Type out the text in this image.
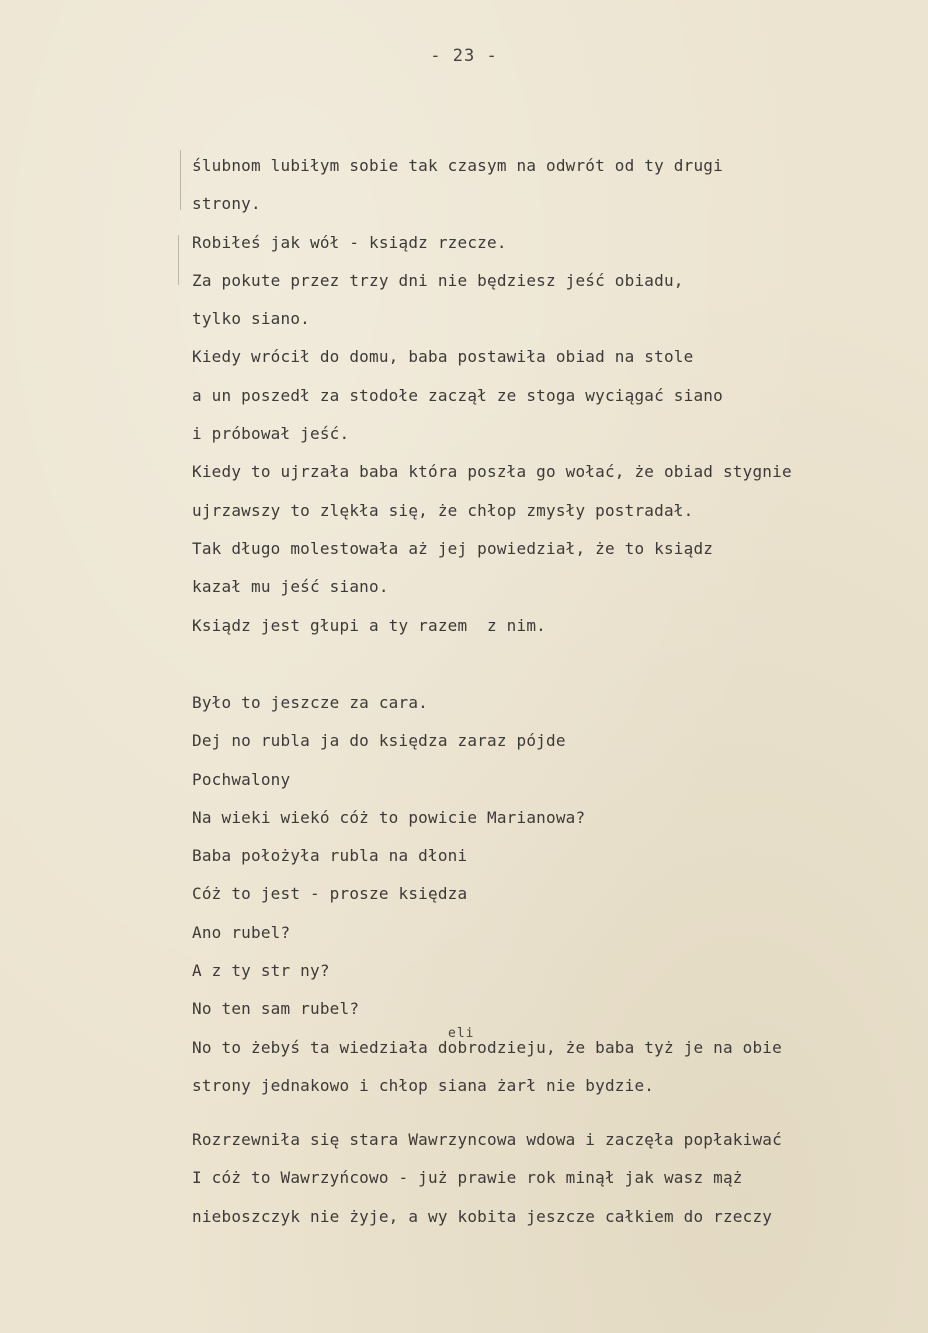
- 23 -
ślubnom lubiłym sobie tak czasym na odwrót od ty drugi
strony.
Robiłeś jak wół - ksiądz rzecze.
Za pokute przez trzy dni nie będziesz jeść obiadu,
tylko siano.
Kiedy wrócił do domu, baba postawiła obiad na stole
a un poszedł za stodołe zaczął ze stoga wyciągać siano
i próbował jeść.
Kiedy to ujrzała baba która poszła go wołać, że obiad stygnie
ujrzawszy to zlękła się, że chłop zmysły postradał.
Tak długo molestowała aż jej powiedział, że to ksiądz
kazał mu jeść siano.
Ksiądz jest głupi a ty razem  z nim.
Było to jeszcze za cara.
Dej no rubla ja do księdza zaraz pójde
Pochwalony
Na wieki wiekó cóż to powicie Marianowa?
Baba położyła rubla na dłoni
Cóż to jest - prosze księdza
Ano rubel?
A z ty str ny?
No ten sam rubel?
No to żebyś ta wiedziała dobrodzieju, że baba tyż je na obie
strony jednakowo i chłop siana żarł nie bydzie.
eli
Rozrzewniła się stara Wawrzyncowa wdowa i zaczęła popłakiwać
I cóż to Wawrzyńcowo - już prawie rok minął jak wasz mąż
nieboszczyk nie żyje, a wy kobita jeszcze całkiem do rzeczy
